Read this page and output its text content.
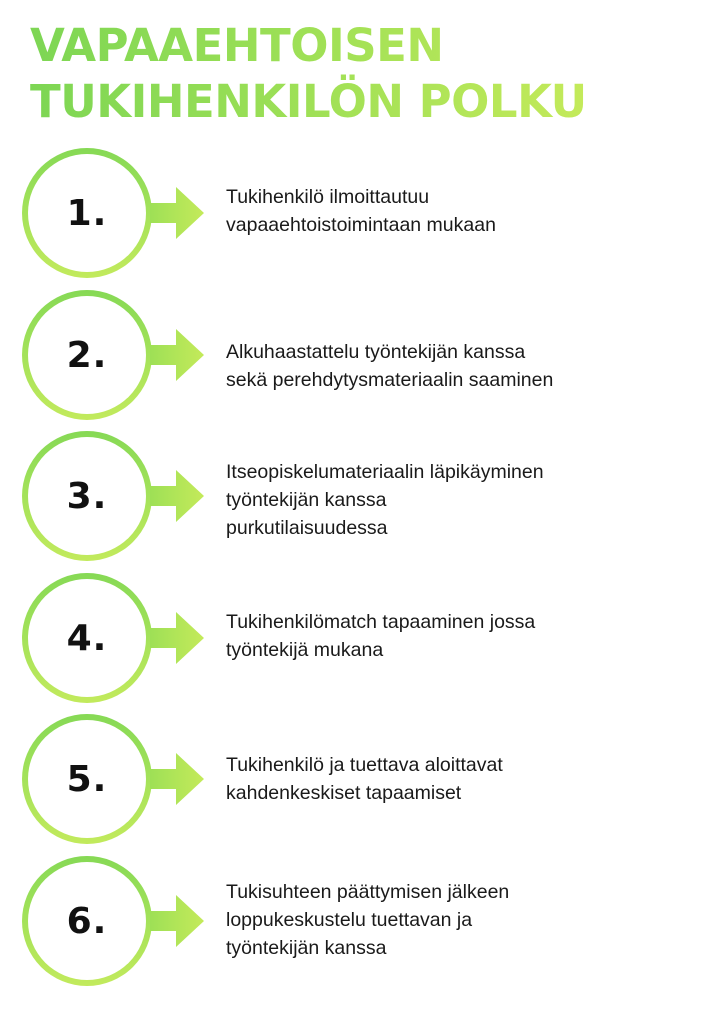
VAPAAEHTOISEN
TUKIHENKILÖN POLKU
1.	Tukihenkilö ilmoittautuu
vapaaehtoistoimintaan mukaan
2.	Alkuhaastattelu työntekijän kanssa
sekä perehdytysmateriaalin saaminen
3.
Itseopiskelumateriaalin läpikäyminen
työntekijän kanssa
purkutilaisuudessa
4.	Tukihenkilömatch tapaaminen jossa
työntekijä mukana
5.	Tukihenkilö ja tuettava aloittavat
kahdenkeskiset tapaamiset
6.
Tukisuhteen päättymisen jälkeen
loppukeskustelu tuettavan ja
työntekijän kanssa
